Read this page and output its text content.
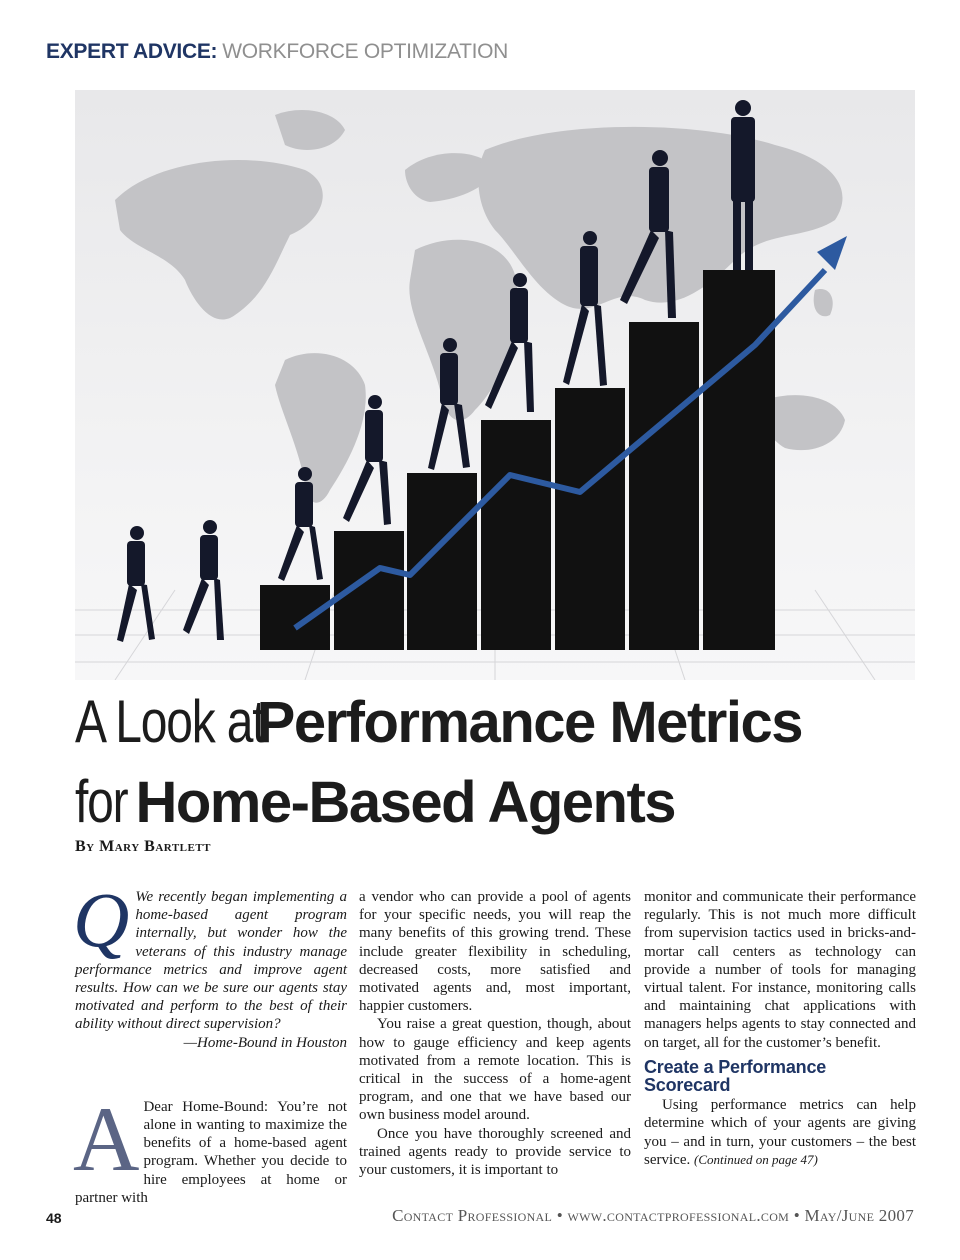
EXPERT ADVICE: WORKFORCE OPTIMIZATION
A Look at Performance Metrics
for Home-Based Agents
By Mary Bartlett

Q We recently began implementing a home-based agent program internally, but wonder how the veterans of this industry manage performance metrics and improve agent results. How can we be sure our agents stay motivated and perform to the best of their ability without direct supervision?

—Home-Bound in Houston

A Dear Home-Bound: You’re not alone in wanting to maximize the benefits of a home-based agent program. Whether you decide to hire employees at home or partner with

a vendor who can provide a pool of agents for your specific needs, you will reap the many benefits of this growing trend. These include greater flexibility in scheduling, decreased costs, more satisfied and motivated agents and, most important, happier customers.

You raise a great question, though, about how to gauge efficiency and keep agents motivated from a remote location. This is critical in the success of a home-agent program, and one that we have based our own business model around.

Once you have thoroughly screened and trained agents ready to provide service to your customers, it is important to

monitor and communicate their performance regularly. This is not much more difficult from supervision tactics used in bricks-and-mortar call centers as technology can provide a number of tools for managing virtual talent. For instance, monitoring calls and maintaining chat applications with managers helps agents to stay connected and on target, all for the customer’s benefit.

Create a Performance Scorecard

Using performance metrics can help determine which of your agents are giving you – and in turn, your customers – the best service. (Continued on page 47)

48	Contact Professional • www.contactprofessional.com • May/June 2007
